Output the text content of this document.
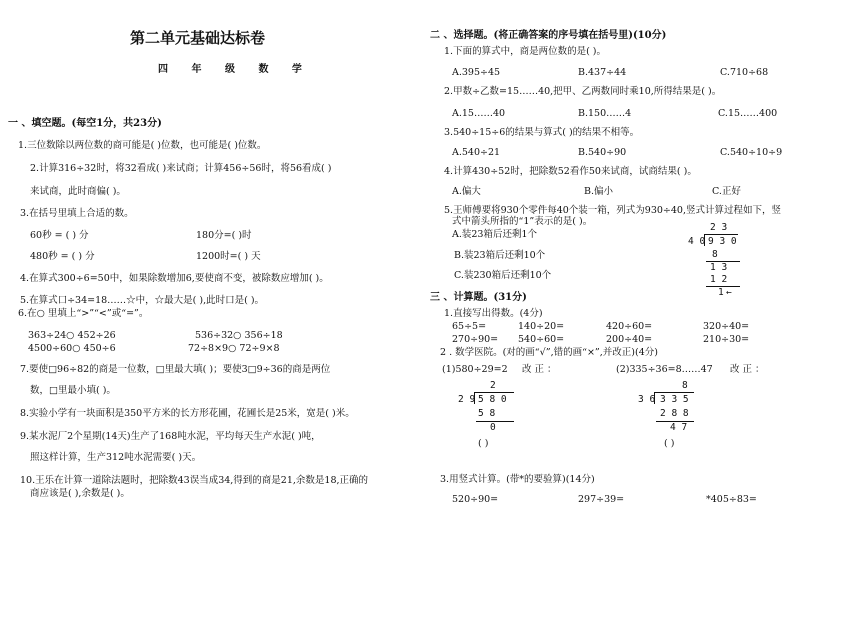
第二单元基础达标卷
四 年 级 数 学
一 、填空题。(每空1分，共23分)
1.三位数除以两位数的商可能是( )位数，也可能是( )位数。
2.计算316÷32时，将32看成( )来试商；计算456÷56时，将56看成( )
来试商，此时商偏( )。
3.在括号里填上合适的数。
60秒 = ( ) 分	180分=( )时
480秒 = ( ) 分	1200时=( ) 天
4.在算式300÷6=50中，如果除数增加6,要使商不变，被除数应增加( )。
5.在算式口÷34=18……☆中，☆最大是( ),此时口是( )。
6.在○ 里填上“>”“<”或“=”。
363÷24○ 452÷26	536÷32○ 356÷18
4500÷60○ 450÷6	72÷8×9○ 72÷9×8
7.要使□96÷82的商是一位数，□里最大填( )；要使3□9÷36的商是两位
数，□里最小填( )。
8.实验小学有一块面积是350平方米的长方形花圃，花圃长是25米，宽是( )米。
9.某水泥厂2个星期(14天)生产了168吨水泥，平均每天生产水泥( )吨，
照这样计算，生产312吨水泥需要( )天。
10.王乐在计算一道除法题时，把除数43误当成34,得到的商是21,余数是18,正确的
商应该是( ),余数是( )。
二 、选择题。(将正确答案的序号填在括号里)(10分)
1.下面的算式中，商是两位数的是( )。
A.395÷45	B.437÷44	C.710÷68
2.甲数÷乙数=15……40,把甲、乙两数同时乘10,所得结果是( )。
A.15……40	B.150……4	C.15……400
3.540÷15÷6的结果与算式( )的结果不相等。
A.540÷21	B.540÷90	C.540÷10÷9
4.计算430÷52时，把除数52看作50来试商，试商结果( )。
A.偏大	B.偏小	C.正好
5.王师傅要将930个零件每40个装一箱，列式为930÷40,竖式计算过程如下，竖
式中箭头所指的“1”表示的是( )。
A.装23箱后还剩1个
B.装23箱后还剩10个
C.装230箱后还剩10个
2 3
4 0 9 3 0
8
1 3
1 2
1 ←
三 、计算题。(31分)
1.直接写出得数。(4分)
65÷5=	140÷20=	420÷60=	320÷40=
270÷90= 540÷60=	200÷40=	210÷30=
2 . 数学医院。(对的画“√”,错的画“×”,并改正)(4分)
(1)580÷29=2 改 正 ：	(2)335÷36=8……47 改 正 ：
2
2 9 5 8 0
5 8
0
( )
8
3 6 3 3 5
2 8 8
4 7
( )
3.用竖式计算。(带*的要验算)(14分)
520÷90=	297÷39=	*405÷83=
